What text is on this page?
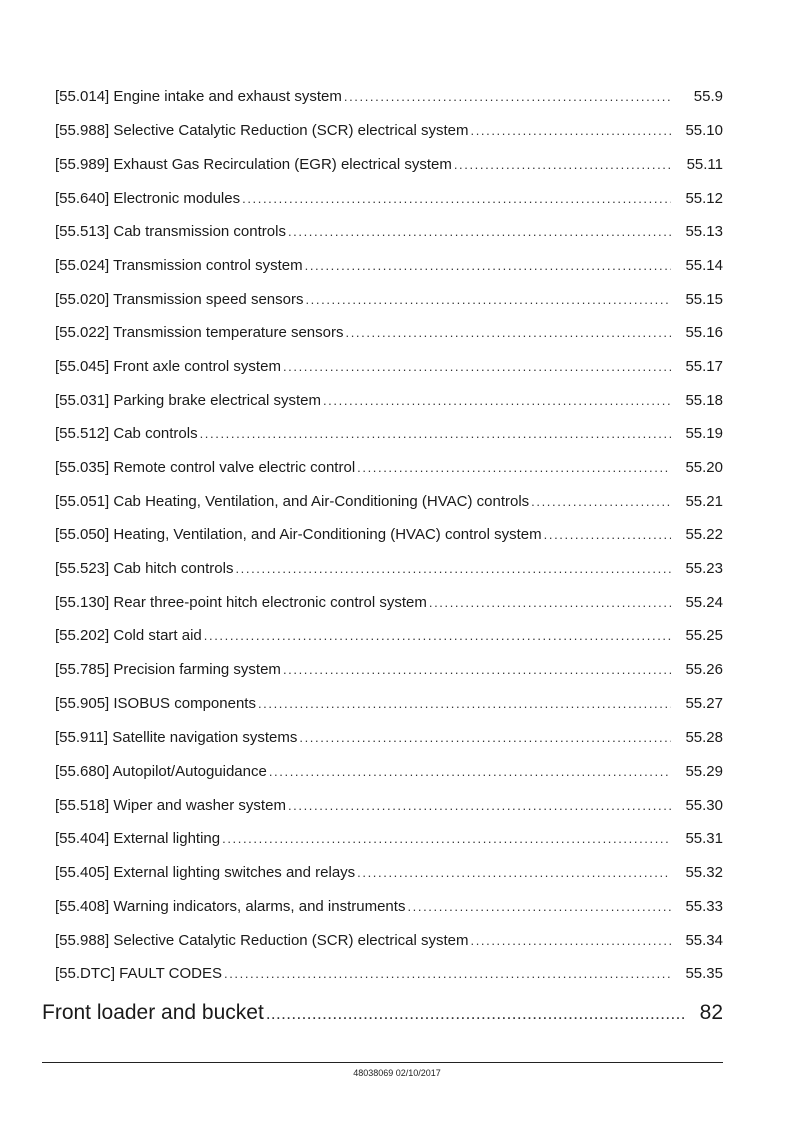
[55.014] Engine intake and exhaust system .....	55.9
[55.988] Selective Catalytic Reduction (SCR) electrical system .....	55.10
[55.989] Exhaust Gas Recirculation (EGR) electrical system .....	55.11
[55.640] Electronic modules .....	55.12
[55.513] Cab transmission controls .....	55.13
[55.024] Transmission control system .....	55.14
[55.020] Transmission speed sensors .....	55.15
[55.022] Transmission temperature sensors .....	55.16
[55.045] Front axle control system .....	55.17
[55.031] Parking brake electrical system .....	55.18
[55.512] Cab controls .....	55.19
[55.035] Remote control valve electric control .....	55.20
[55.051] Cab Heating, Ventilation, and Air-Conditioning (HVAC) controls .....	55.21
[55.050] Heating, Ventilation, and Air-Conditioning (HVAC) control system .....	55.22
[55.523] Cab hitch controls .....	55.23
[55.130] Rear three-point hitch electronic control system .....	55.24
[55.202] Cold start aid .....	55.25
[55.785] Precision farming system .....	55.26
[55.905] ISOBUS components .....	55.27
[55.911] Satellite navigation systems .....	55.28
[55.680] Autopilot/Autoguidance .....	55.29
[55.518] Wiper and washer system .....	55.30
[55.404] External lighting .....	55.31
[55.405] External lighting switches and relays .....	55.32
[55.408] Warning indicators, alarms, and instruments .....	55.33
[55.988] Selective Catalytic Reduction (SCR) electrical system .....	55.34
[55.DTC] FAULT CODES .....	55.35
Front loader and bucket .....	82
48038069 02/10/2017
